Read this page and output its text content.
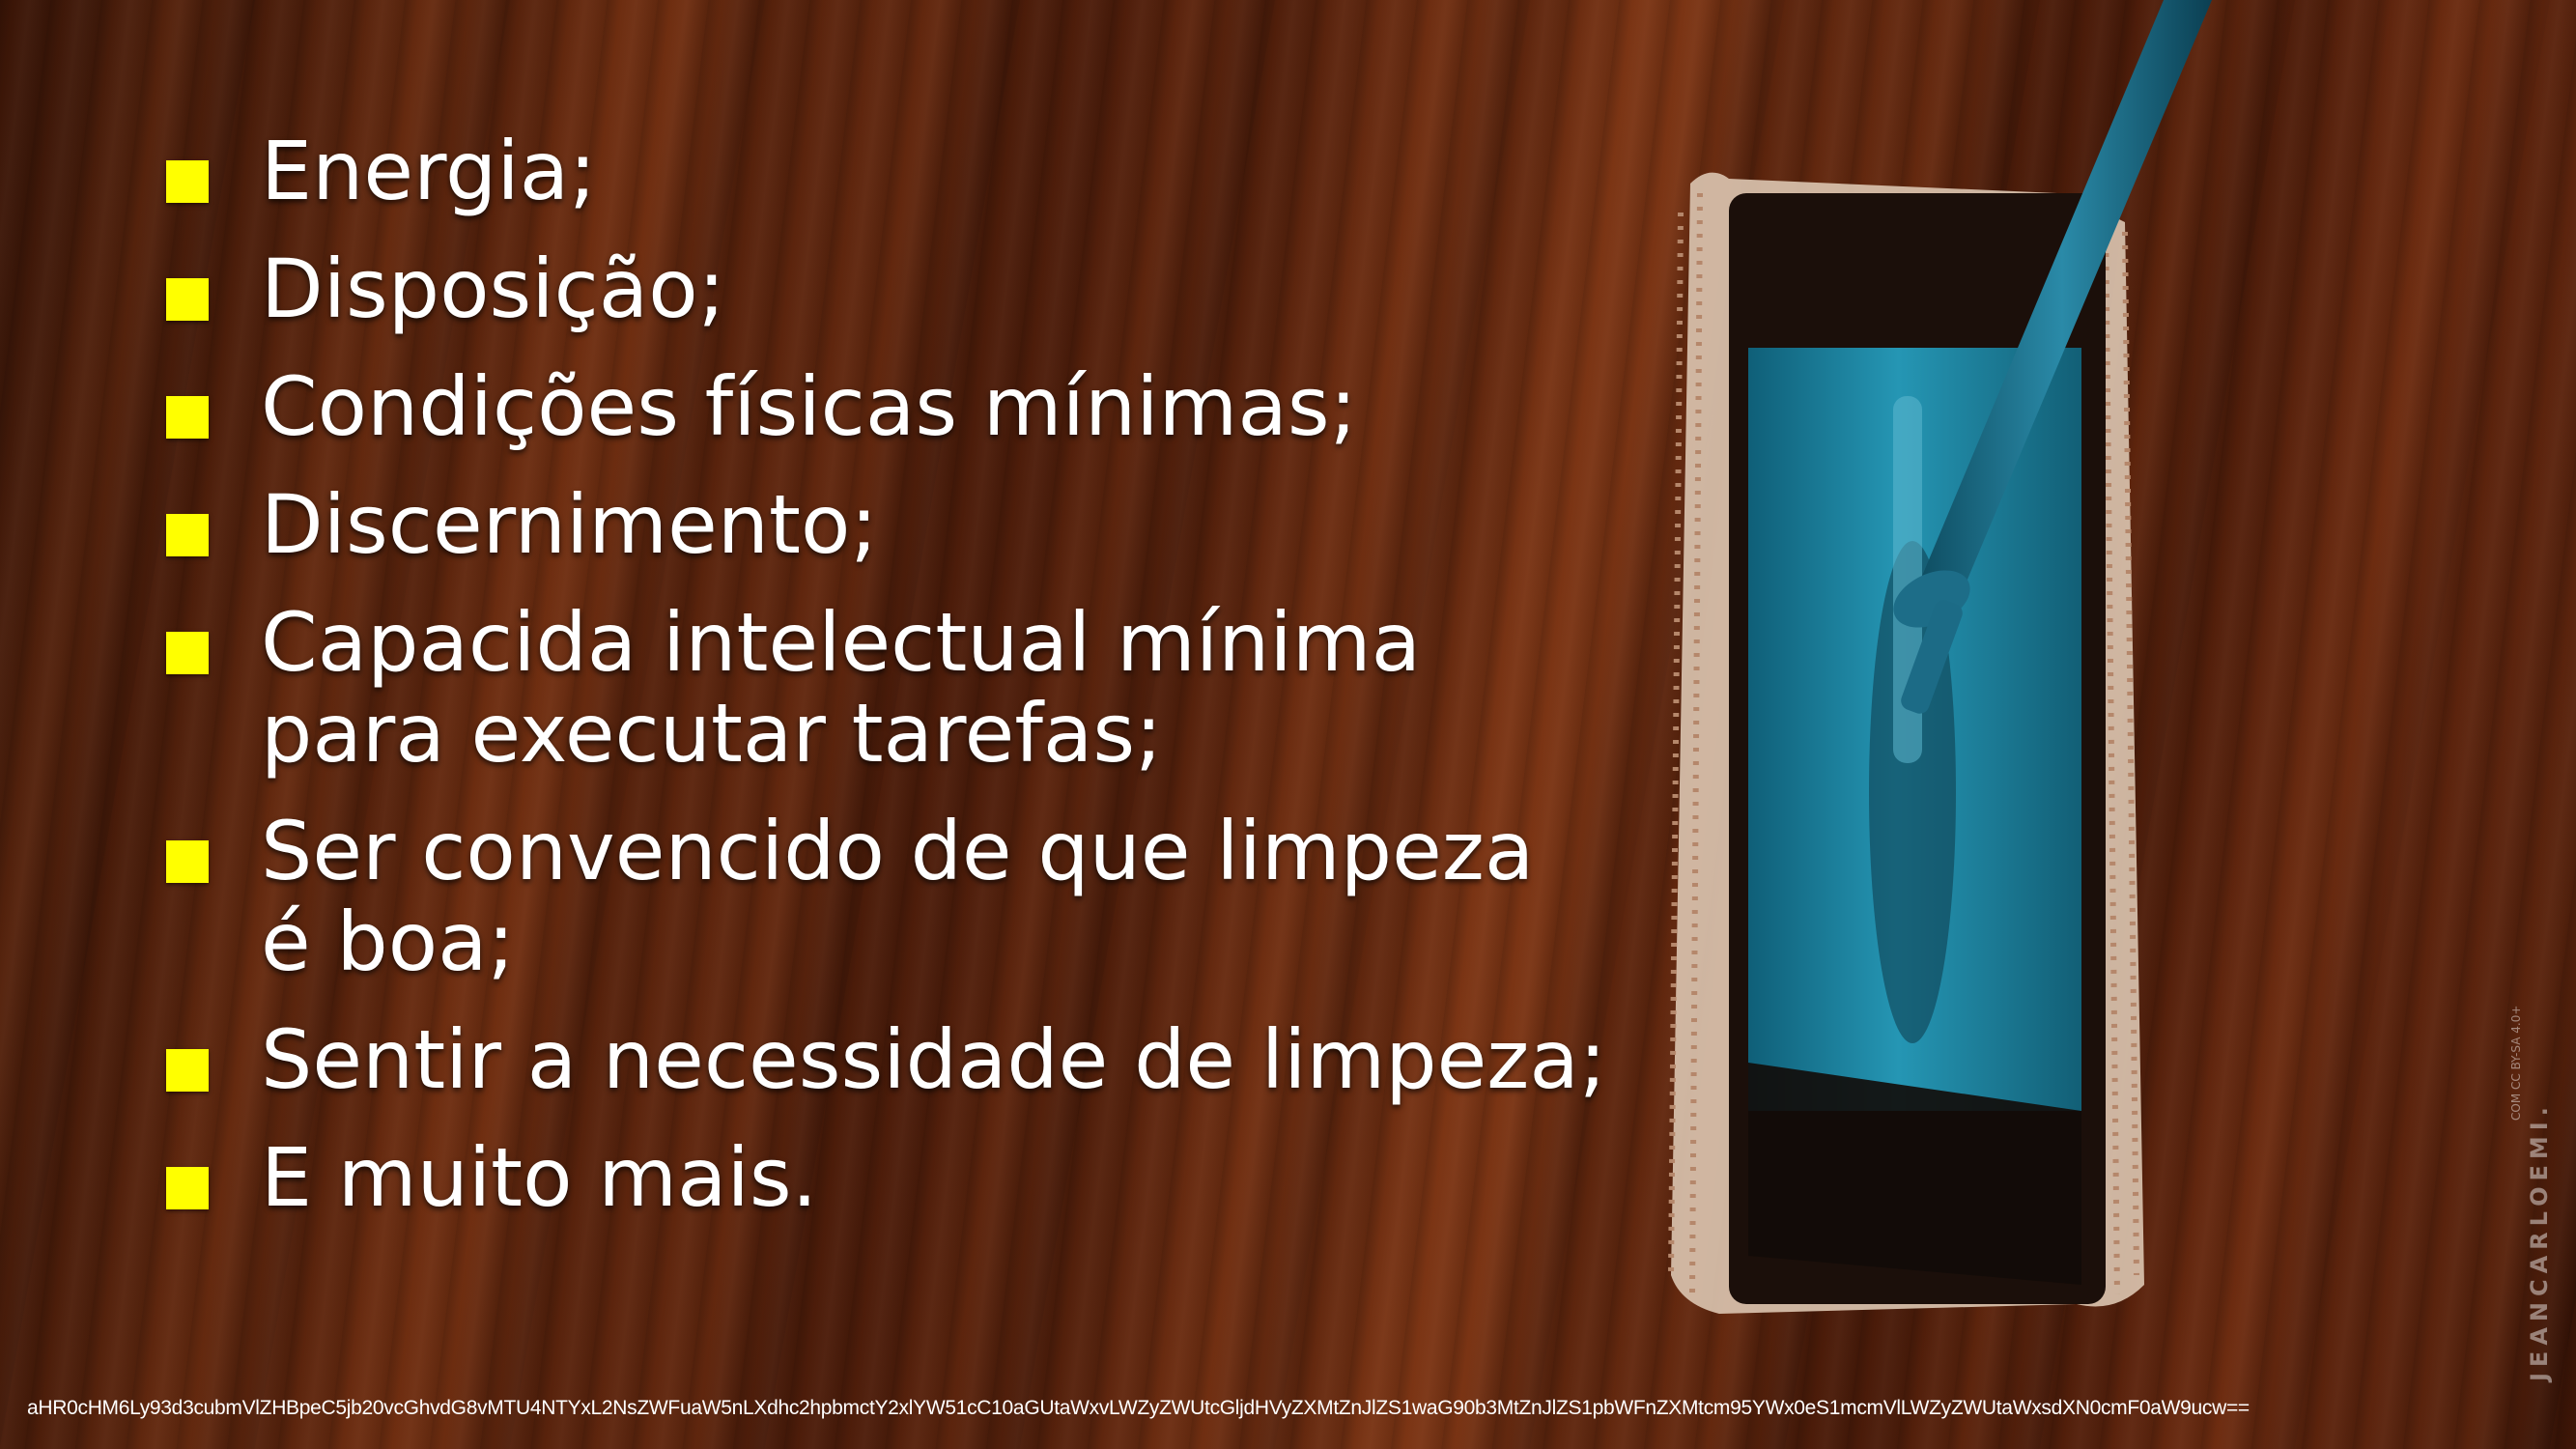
Energia;
Disposição;
Condições físicas mínimas;
Discernimento;
Capacida intelectual mínima para executar tarefas;
Ser convencido de que limpeza é boa;
Sentir a necessidade de limpeza;
E muito mais.
COM CC BY-SA 4.0+
JEANCARLOEMI.
aHR0cHM6Ly93d3cubmVlZHBpeC5jb20vcGhvdG8vMTU4NTYxL2NsZWFuaW5nLXdhc2hpbmctY2xlYW51cC10aGUtaWxvLWZyZWUtcGljdHVyZXMtZnJlZS1waG90b3MtZnJlZS1pbWFnZXMtcm95YWx0eS1mcmVlLWZyZWUtaWxsdXN0cmF0aW9ucw==
